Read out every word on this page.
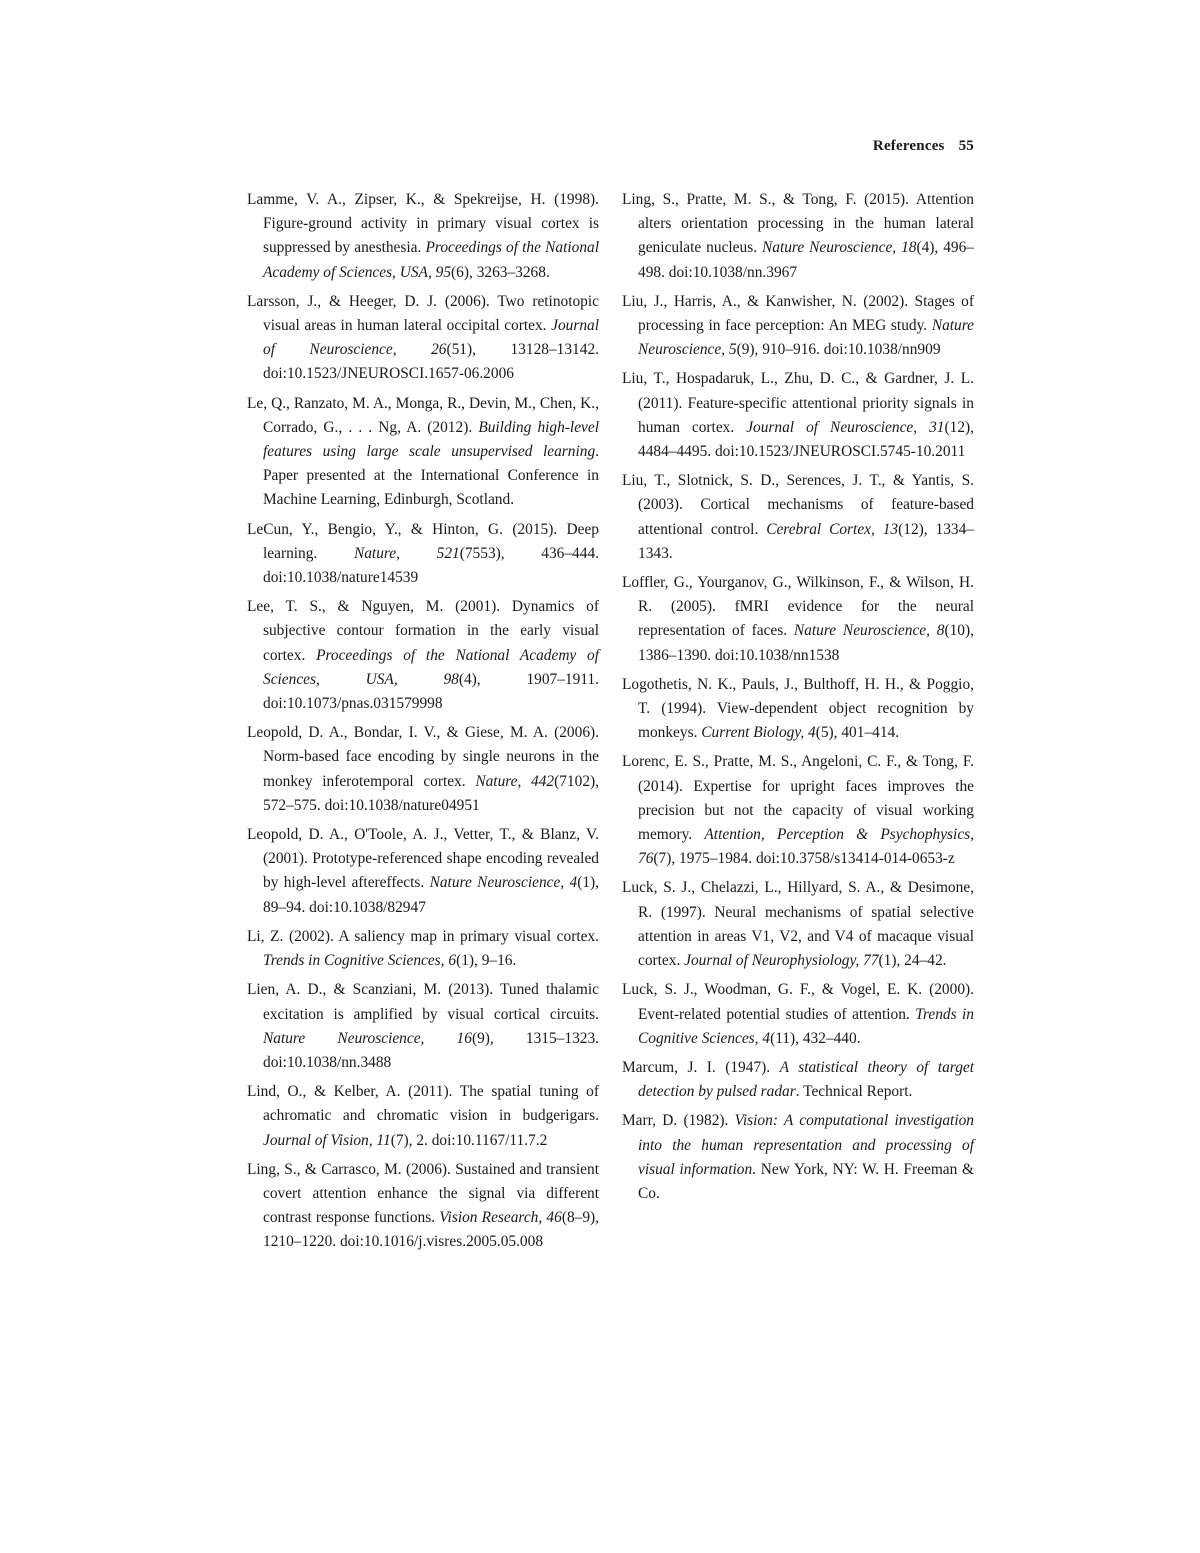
References 55

Lamme, V. A., Zipser, K., & Spekreijse, H. (1998). Figure-ground activity in primary visual cortex is suppressed by anesthesia. Proceedings of the National Academy of Sciences, USA, 95(6), 3263–3268.

Larsson, J., & Heeger, D. J. (2006). Two retinotopic visual areas in human lateral occipital cortex. Journal of Neuroscience, 26(51), 13128–13142. doi:10.1523/JNEUROSCI.1657-06.2006

Le, Q., Ranzato, M. A., Monga, R., Devin, M., Chen, K., Corrado, G., . . . Ng, A. (2012). Building high-level features using large scale unsupervised learning. Paper presented at the International Conference in Machine Learning, Edinburgh, Scotland.

LeCun, Y., Bengio, Y., & Hinton, G. (2015). Deep learning. Nature, 521(7553), 436–444. doi:10.1038/nature14539

Lee, T. S., & Nguyen, M. (2001). Dynamics of subjective contour formation in the early visual cortex. Proceedings of the National Academy of Sciences, USA, 98(4), 1907–1911. doi:10.1073/pnas.031579998

Leopold, D. A., Bondar, I. V., & Giese, M. A. (2006). Norm-based face encoding by single neurons in the monkey inferotemporal cortex. Nature, 442(7102), 572–575. doi:10.1038/nature04951

Leopold, D. A., O'Toole, A. J., Vetter, T., & Blanz, V. (2001). Prototype-referenced shape encoding revealed by high-level aftereffects. Nature Neuroscience, 4(1), 89–94. doi:10.1038/82947

Li, Z. (2002). A saliency map in primary visual cortex. Trends in Cognitive Sciences, 6(1), 9–16.

Lien, A. D., & Scanziani, M. (2013). Tuned thalamic excitation is amplified by visual cortical circuits. Nature Neuroscience, 16(9), 1315–1323. doi:10.1038/nn.3488

Lind, O., & Kelber, A. (2011). The spatial tuning of achromatic and chromatic vision in budgerigars. Journal of Vision, 11(7), 2. doi:10.1167/11.7.2

Ling, S., & Carrasco, M. (2006). Sustained and transient covert attention enhance the signal via different contrast response functions. Vision Research, 46(8–9), 1210–1220. doi:10.1016/j.visres.2005.05.008

Ling, S., Pratte, M. S., & Tong, F. (2015). Attention alters orientation processing in the human lateral geniculate nucleus. Nature Neuroscience, 18(4), 496–498. doi:10.1038/nn.3967

Liu, J., Harris, A., & Kanwisher, N. (2002). Stages of processing in face perception: An MEG study. Nature Neuroscience, 5(9), 910–916. doi:10.1038/nn909

Liu, T., Hospadaruk, L., Zhu, D. C., & Gardner, J. L. (2011). Feature-specific attentional priority signals in human cortex. Journal of Neuroscience, 31(12), 4484–4495. doi:10.1523/JNEUROSCI.5745-10.2011

Liu, T., Slotnick, S. D., Serences, J. T., & Yantis, S. (2003). Cortical mechanisms of feature-based attentional control. Cerebral Cortex, 13(12), 1334–1343.

Loffler, G., Yourganov, G., Wilkinson, F., & Wilson, H. R. (2005). fMRI evidence for the neural representation of faces. Nature Neuroscience, 8(10), 1386–1390. doi:10.1038/nn1538

Logothetis, N. K., Pauls, J., Bulthoff, H. H., & Poggio, T. (1994). View-dependent object recognition by monkeys. Current Biology, 4(5), 401–414.

Lorenc, E. S., Pratte, M. S., Angeloni, C. F., & Tong, F. (2014). Expertise for upright faces improves the precision but not the capacity of visual working memory. Attention, Perception & Psychophysics, 76(7), 1975–1984. doi:10.3758/s13414-014-0653-z

Luck, S. J., Chelazzi, L., Hillyard, S. A., & Desimone, R. (1997). Neural mechanisms of spatial selective attention in areas V1, V2, and V4 of macaque visual cortex. Journal of Neurophysiology, 77(1), 24–42.

Luck, S. J., Woodman, G. F., & Vogel, E. K. (2000). Event-related potential studies of attention. Trends in Cognitive Sciences, 4(11), 432–440.

Marcum, J. I. (1947). A statistical theory of target detection by pulsed radar. Technical Report.

Marr, D. (1982). Vision: A computational investigation into the human representation and processing of visual information. New York, NY: W. H. Freeman & Co.
